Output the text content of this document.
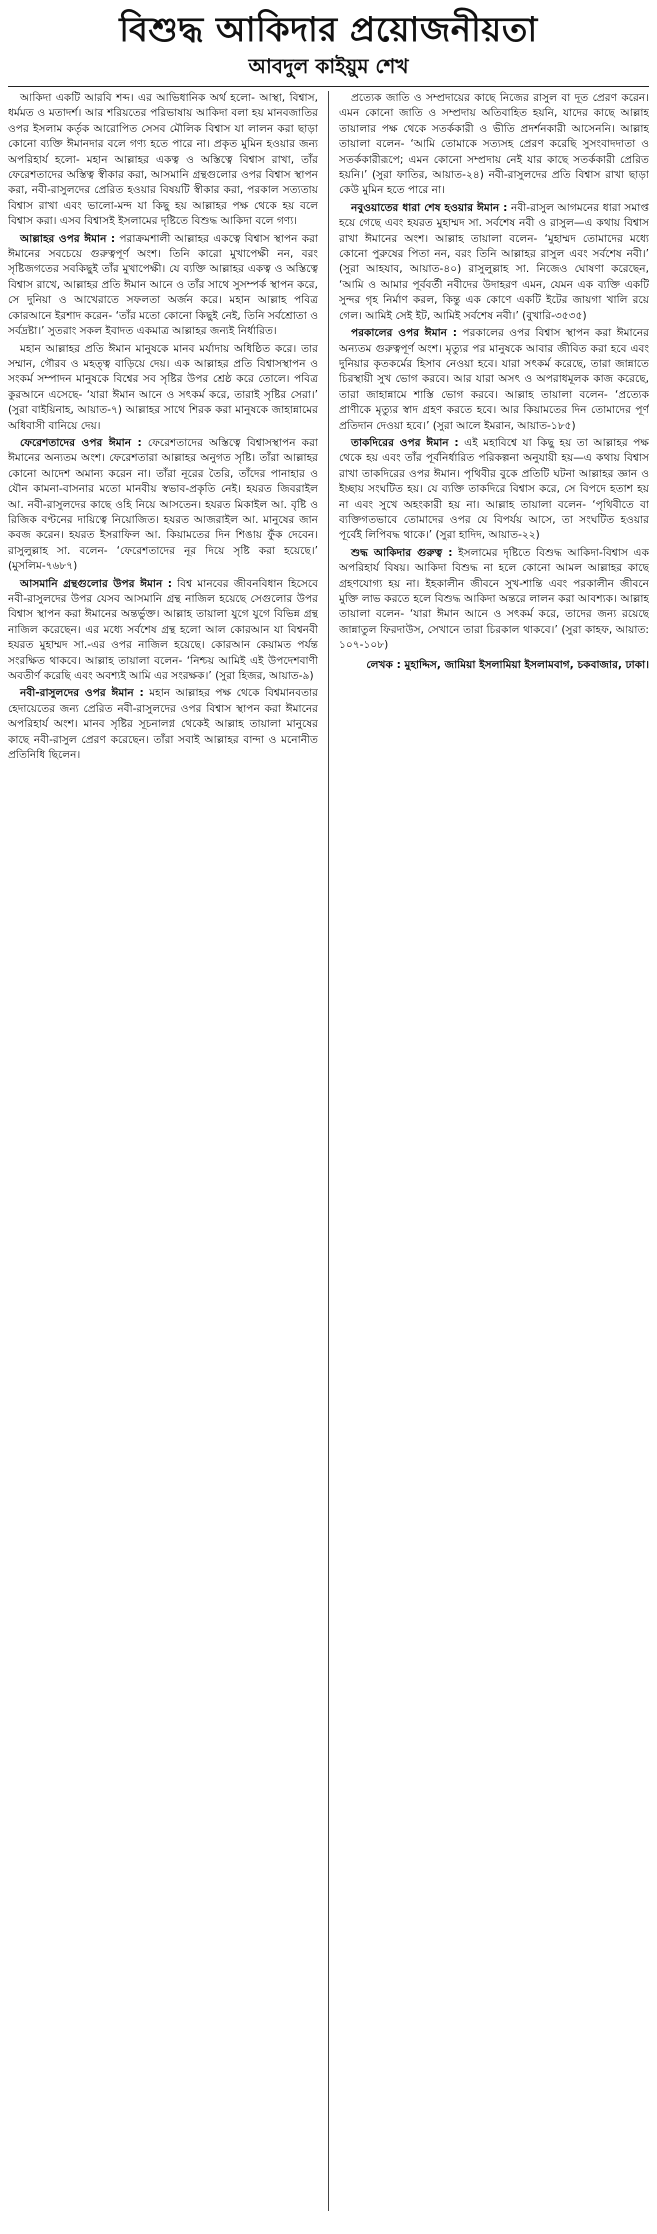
বিশুদ্ধ আকিদার প্রয়োজনীয়তা
আবদুল কাইয়ুম শেখ

আকিদা একটি আরবি শব্দ। এর আভিধানিক অর্থ হলো- আস্থা, বিশ্বাস, ধর্মমত ও মতাদর্শ। আর শরিয়তের পরিভাষায় আকিদা বলা হয় মানবজাতির ওপর ইসলাম কর্তৃক আরোপিত সেসব মৌলিক বিশ্বাস যা লালন করা ছাড়া কোনো ব্যক্তি ঈমানদার বলে গণ্য হতে পারে না। প্রকৃত মুমিন হওয়ার জন্য অপরিহার্য হলো- মহান আল্লাহর একত্ব ও অস্তিত্বে বিশ্বাস রাখা, তাঁর ফেরেশতাদের অস্তিত্ব স্বীকার করা, আসমানি গ্রন্থগুলোর ওপর বিশ্বাস স্থাপন করা, নবী-রাসুলদের প্রেরিত হওয়ার বিষয়টি স্বীকার করা, পরকাল সত্যতায় বিশ্বাস রাখা এবং ভালো-মন্দ যা কিছু হয় আল্লাহর পক্ষ থেকে হয় বলে বিশ্বাস করা। এসব বিশ্বাসই ইসলামের দৃষ্টিতে বিশুদ্ধ আকিদা বলে গণ্য।

আল্লাহর ওপর ঈমান : পরাক্রমশালী আল্লাহর একত্বে বিশ্বাস স্থাপন করা ঈমানের সবচেয়ে গুরুত্বপূর্ণ অংশ। তিনি কারো মুখাপেক্ষী নন, বরং সৃষ্টিজগতের সবকিছুই তাঁর মুখাপেক্ষী। যে ব্যক্তি আল্লাহর একত্ব ও অস্তিত্বে বিশ্বাস রাখে, আল্লাহর প্রতি ঈমান আনে ও তাঁর সাথে সুসম্পর্ক স্থাপন করে, সে দুনিয়া ও আখেরাতে সফলতা অর্জন করে। মহান আল্লাহ পবিত্র কোরআনে ইরশাদ করেন- ‘তাঁর মতো কোনো কিছুই নেই, তিনি সর্বশ্রোতা ও সর্বদ্রষ্টা।’ সুতরাং সকল ইবাদত একমাত্র আল্লাহর জন্যই নির্ধারিত।

মহান আল্লাহর প্রতি ঈমান মানুষকে মানব মর্যাদায় অধিষ্ঠিত করে। তার সম্মান, গৌরব ও মহত্ত্ব বাড়িয়ে দেয়। এক আল্লাহর প্রতি বিশ্বাসস্থাপন ও সংকর্ম সম্পাদন মানুষকে বিশ্বের সব সৃষ্টির উপর শ্রেষ্ঠ করে তোলে। পবিত্র কুরআনে এসেছে- ‘যারা ঈমান আনে ও সৎকর্ম করে, তারাই সৃষ্টির সেরা।’ (সুরা বাইয়িনাহ, আয়াত-৭) আল্লাহর সাথে শিরক করা মানুষকে জাহান্নামের অধিবাসী বানিয়ে দেয়।

ফেরেশতাদের ওপর ঈমান : ফেরেশতাদের অস্তিত্বে বিশ্বাসস্থাপন করা ঈমানের অন্যতম অংশ। ফেরেশতারা আল্লাহর অনুগত সৃষ্টি। তাঁরা আল্লাহর কোনো আদেশ অমান্য করেন না। তাঁরা নূরের তৈরি, তাঁদের পানাহার ও যৌন কামনা-বাসনার মতো মানবীয় স্বভাব-প্রকৃতি নেই। হযরত জিবরাইল আ. নবী-রাসুলদের কাছে ওহি নিয়ে আসতেন। হযরত মিকাইল আ. বৃষ্টি ও রিজিক বণ্টনের দায়িত্বে নিয়োজিত। হযরত আজরাইল আ. মানুষের জান কবজ করেন। হযরত ইসরাফিল আ. কিয়ামতের দিন শিঙায় ফুঁক দেবেন। রাসুলুল্লাহ সা. বলেন- ‘ফেরেশতাদের নূর দিয়ে সৃষ্টি করা হয়েছে।’ (মুসলিম-৭৬৮৭)

আসমানি গ্রন্থগুলোর উপর ঈমান : বিশ্ব মানবের জীবনবিধান হিসেবে নবী-রাসুলদের উপর যেসব আসমানি গ্রন্থ নাজিল হয়েছে সেগুলোর উপর বিশ্বাস স্থাপন করা ঈমানের অন্তর্ভুক্ত। আল্লাহ তায়ালা যুগে যুগে বিভিন্ন গ্রন্থ নাজিল করেছেন। এর মধ্যে সর্বশেষ গ্রন্থ হলো আল কোরআন যা বিশ্বনবী হযরত মুহাম্মদ সা.-এর ওপর নাজিল হয়েছে। কোরআন কেয়ামত পর্যন্ত সংরক্ষিত থাকবে। আল্লাহ তায়ালা বলেন- ‘নিশ্চয় আমিই এই উপদেশবাণী অবতীর্ণ করেছি এবং অবশ্যই আমি এর সংরক্ষক।’ (সুরা হিজর, আয়াত-৯)

নবী-রাসুলদের ওপর ঈমান : মহান আল্লাহর পক্ষ থেকে বিশ্বমানবতার হেদায়েতের জন্য প্রেরিত নবী-রাসুলদের ওপর বিশ্বাস স্থাপন করা ঈমানের অপরিহার্য অংশ। মানব সৃষ্টির সূচনালগ্ন থেকেই আল্লাহ তায়ালা মানুষের কাছে নবী-রাসুল প্রেরণ করেছেন। তাঁরা সবাই আল্লাহর বান্দা ও মনোনীত প্রতিনিধি ছিলেন।

প্রত্যেক জাতি ও সম্প্রদায়ের কাছে নিজের রাসুল বা দূত প্রেরণ করেন। এমন কোনো জাতি ও সম্প্রদায় অতিবাহিত হয়নি, যাদের কাছে আল্লাহ তায়ালার পক্ষ থেকে সতর্ককারী ও ভীতি প্রদর্শনকারী আসেননি। আল্লাহ তায়ালা বলেন- ‘আমি তোমাকে সত্যসহ প্রেরণ করেছি সুসংবাদদাতা ও সতর্ককারীরূপে; এমন কোনো সম্প্রদায় নেই যার কাছে সতর্ককারী প্রেরিত হয়নি।’ (সুরা ফাতির, আয়াত-২৪) নবী-রাসুলদের প্রতি বিশ্বাস রাখা ছাড়া কেউ মুমিন হতে পারে না।

নবুওয়াতের ধারা শেষ হওয়ার ঈমান : নবী-রাসুল আগমনের ধারা সমাপ্ত হয়ে গেছে এবং হযরত মুহাম্মদ সা. সর্বশেষ নবী ও রাসুল—এ কথায় বিশ্বাস রাখা ঈমানের অংশ। আল্লাহ তায়ালা বলেন- ‘মুহাম্মদ তোমাদের মধ্যে কোনো পুরুষের পিতা নন, বরং তিনি আল্লাহর রাসুল এবং সর্বশেষ নবী।’ (সুরা আহযাব, আয়াত-৪০) রাসুলুল্লাহ সা. নিজেও ঘোষণা করেছেন, ‘আমি ও আমার পূর্ববর্তী নবীদের উদাহরণ এমন, যেমন এক ব্যক্তি একটি সুন্দর গৃহ নির্মাণ করল, কিন্তু এক কোণে একটি ইটের জায়গা খালি রয়ে গেল। আমিই সেই ইট, আমিই সর্বশেষ নবী।’ (বুখারি-৩৫৩৫)

পরকালের ওপর ঈমান : পরকালের ওপর বিশ্বাস স্থাপন করা ঈমানের অন্যতম গুরুত্বপূর্ণ অংশ। মৃত্যুর পর মানুষকে আবার জীবিত করা হবে এবং দুনিয়ার কৃতকর্মের হিসাব নেওয়া হবে। যারা সৎকর্ম করেছে, তারা জান্নাতে চিরস্থায়ী সুখ ভোগ করবে। আর যারা অসৎ ও অপরাধমূলক কাজ করেছে, তারা জাহান্নামে শাস্তি ভোগ করবে। আল্লাহ তায়ালা বলেন- ‘প্রত্যেক প্রাণীকে মৃত্যুর স্বাদ গ্রহণ করতে হবে। আর কিয়ামতের দিন তোমাদের পূর্ণ প্রতিদান দেওয়া হবে।’ (সুরা আলে ইমরান, আয়াত-১৮৫)

তাকদিরের ওপর ঈমান : এই মহাবিশ্বে যা কিছু হয় তা আল্লাহর পক্ষ থেকে হয় এবং তাঁর পূর্বনির্ধারিত পরিকল্পনা অনুযায়ী হয়—এ কথায় বিশ্বাস রাখা তাকদিরের ওপর ঈমান। পৃথিবীর বুকে প্রতিটি ঘটনা আল্লাহর জ্ঞান ও ইচ্ছায় সংঘটিত হয়। যে ব্যক্তি তাকদিরে বিশ্বাস করে, সে বিপদে হতাশ হয় না এবং সুখে অহংকারী হয় না। আল্লাহ তায়ালা বলেন- ‘পৃথিবীতে বা ব্যক্তিগতভাবে তোমাদের ওপর যে বিপর্যয় আসে, তা সংঘটিত হওয়ার পূর্বেই লিপিবদ্ধ থাকে।’ (সুরা হাদিদ, আয়াত-২২)

শুদ্ধ আকিদার গুরুত্ব : ইসলামের দৃষ্টিতে বিশুদ্ধ আকিদা-বিশ্বাস এক অপরিহার্য বিষয়। আকিদা বিশুদ্ধ না হলে কোনো আমল আল্লাহর কাছে গ্রহণযোগ্য হয় না। ইহকালীন জীবনে সুখ-শান্তি এবং পরকালীন জীবনে মুক্তি লাভ করতে হলে বিশুদ্ধ আকিদা অন্তরে লালন করা আবশ্যক। আল্লাহ তায়ালা বলেন- ‘যারা ঈমান আনে ও সৎকর্ম করে, তাদের জন্য রয়েছে জান্নাতুল ফিরদাউস, সেখানে তারা চিরকাল থাকবে।’ (সুরা কাহফ, আয়াত: ১০৭-১০৮)

লেখক : মুহাদ্দিস, জামিয়া ইসলামিয়া ইসলামবাগ, চকবাজার, ঢাকা।
